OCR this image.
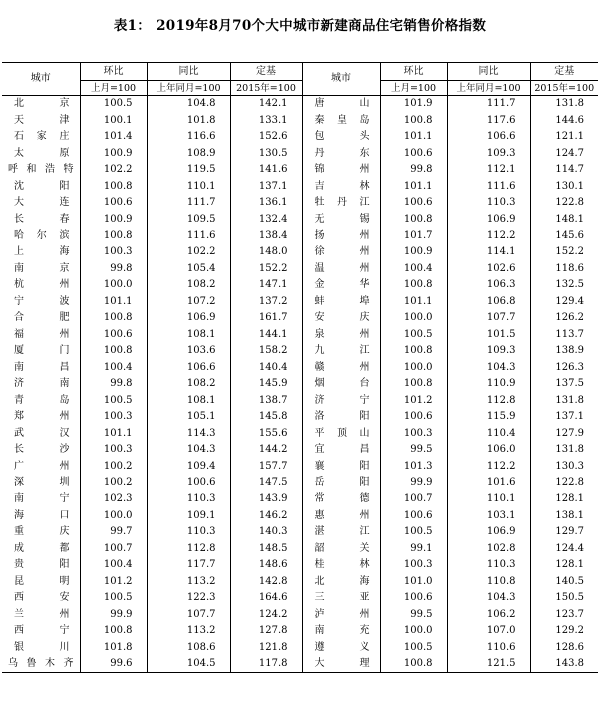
表1： 2019年8月70个大中城市新建商品住宅销售价格指数
城市	环比	同比	定基	城市	环比	同比	定基
	上月=100	上年同月=100	2015年=100		上月=100	上年同月=100	2015年=100
北　京	100.5	104.8	142.1	唐　山	101.9	111.7	131.8
天　津	100.1	101.8	133.1	秦皇岛	100.8	117.6	144.6
石家庄	101.4	116.6	152.6	包　头	101.1	106.6	121.1
太　原	100.9	108.9	130.5	丹　东	100.6	109.3	124.7
呼和浩特	102.2	119.5	141.6	锦　州	99.8	112.1	114.7
沈　阳	100.8	110.1	137.1	吉　林	101.1	111.6	130.1
大　连	100.6	111.7	136.1	牡丹江	100.6	110.3	122.8
长　春	100.9	109.5	132.4	无　锡	100.8	106.9	148.1
哈尔滨	100.8	111.6	138.4	扬　州	101.7	112.2	145.6
上　海	100.3	102.2	148.0	徐　州	100.9	114.1	152.2
南　京	99.8	105.4	152.2	温　州	100.4	102.6	118.6
杭　州	100.0	108.2	147.1	金　华	100.8	106.3	132.5
宁　波	101.1	107.2	137.2	蚌　埠	101.1	106.8	129.4
合　肥	100.8	106.9	161.7	安　庆	100.0	107.7	126.2
福　州	100.6	108.1	144.1	泉　州	100.5	101.5	113.7
厦　门	100.8	103.6	158.2	九　江	100.8	109.3	138.9
南　昌	100.4	106.6	140.4	赣　州	100.0	104.3	126.3
济　南	99.8	108.2	145.9	烟　台	100.8	110.9	137.5
青　岛	100.5	108.1	138.7	济　宁	101.2	112.8	131.8
郑　州	100.3	105.1	145.8	洛　阳	100.6	115.9	137.1
武　汉	101.1	114.3	155.6	平顶山	100.3	110.4	127.9
长　沙	100.3	104.3	144.2	宜　昌	99.5	106.0	131.8
广　州	100.2	109.4	157.7	襄　阳	101.3	112.2	130.3
深　圳	100.2	100.6	147.5	岳　阳	99.9	101.6	122.8
南　宁	102.3	110.3	143.9	常　德	100.7	110.1	128.1
海　口	100.0	109.1	146.2	惠　州	100.6	103.1	138.1
重　庆	99.7	110.3	140.3	湛　江	100.5	106.9	129.7
成　都	100.7	112.8	148.5	韶　关	99.1	102.8	124.4
贵　阳	100.4	117.7	148.6	桂　林	100.3	110.3	128.1
昆　明	101.2	113.2	142.8	北　海	101.0	110.8	140.5
西　安	100.5	122.3	164.6	三　亚	100.6	104.3	150.5
兰　州	99.9	107.7	124.2	泸　州	99.5	106.2	123.7
西　宁	100.8	113.2	127.8	南　充	100.0	107.0	129.2
银　川	101.8	108.6	121.8	遵　义	100.5	110.6	128.6
乌鲁木齐	99.6	104.5	117.8	大　理	100.8	121.5	143.8
